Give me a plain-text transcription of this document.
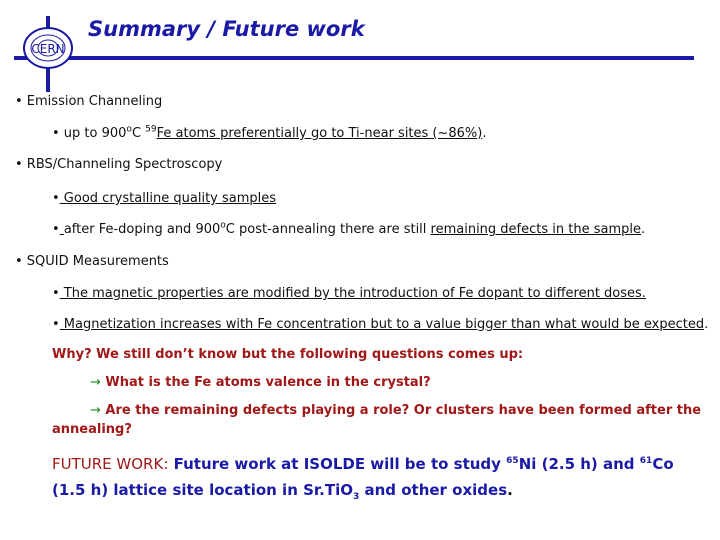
CERN
Summary / Future work
• Emission Channeling
• up to 900$^o$C $^{59}$Fe atoms preferentially go to Ti-near sites (~86%).
• RBS/Channeling Spectroscopy
• Good crystalline quality samples
• after Fe-doping and 900$^o$C post-annealing there are still remaining defects in the sample.
• SQUID Measurements
• The magnetic properties are modified by the introduction of Fe dopant to different doses.
• Magnetization increases with Fe concentration but to a value bigger than what would be expected.
Why? We still don’t know but the following questions comes up:
→ What is the Fe atoms valence in the crystal?
→ Are the remaining defects playing a role? Or clusters have been formed after the
annealing?
FUTURE WORK: Future work at ISOLDE will be to study $^{65}$Ni (2.5 h) and $^{61}$Co
(1.5 h) lattice site location in Sr.TiO$_3$ and other oxides.
